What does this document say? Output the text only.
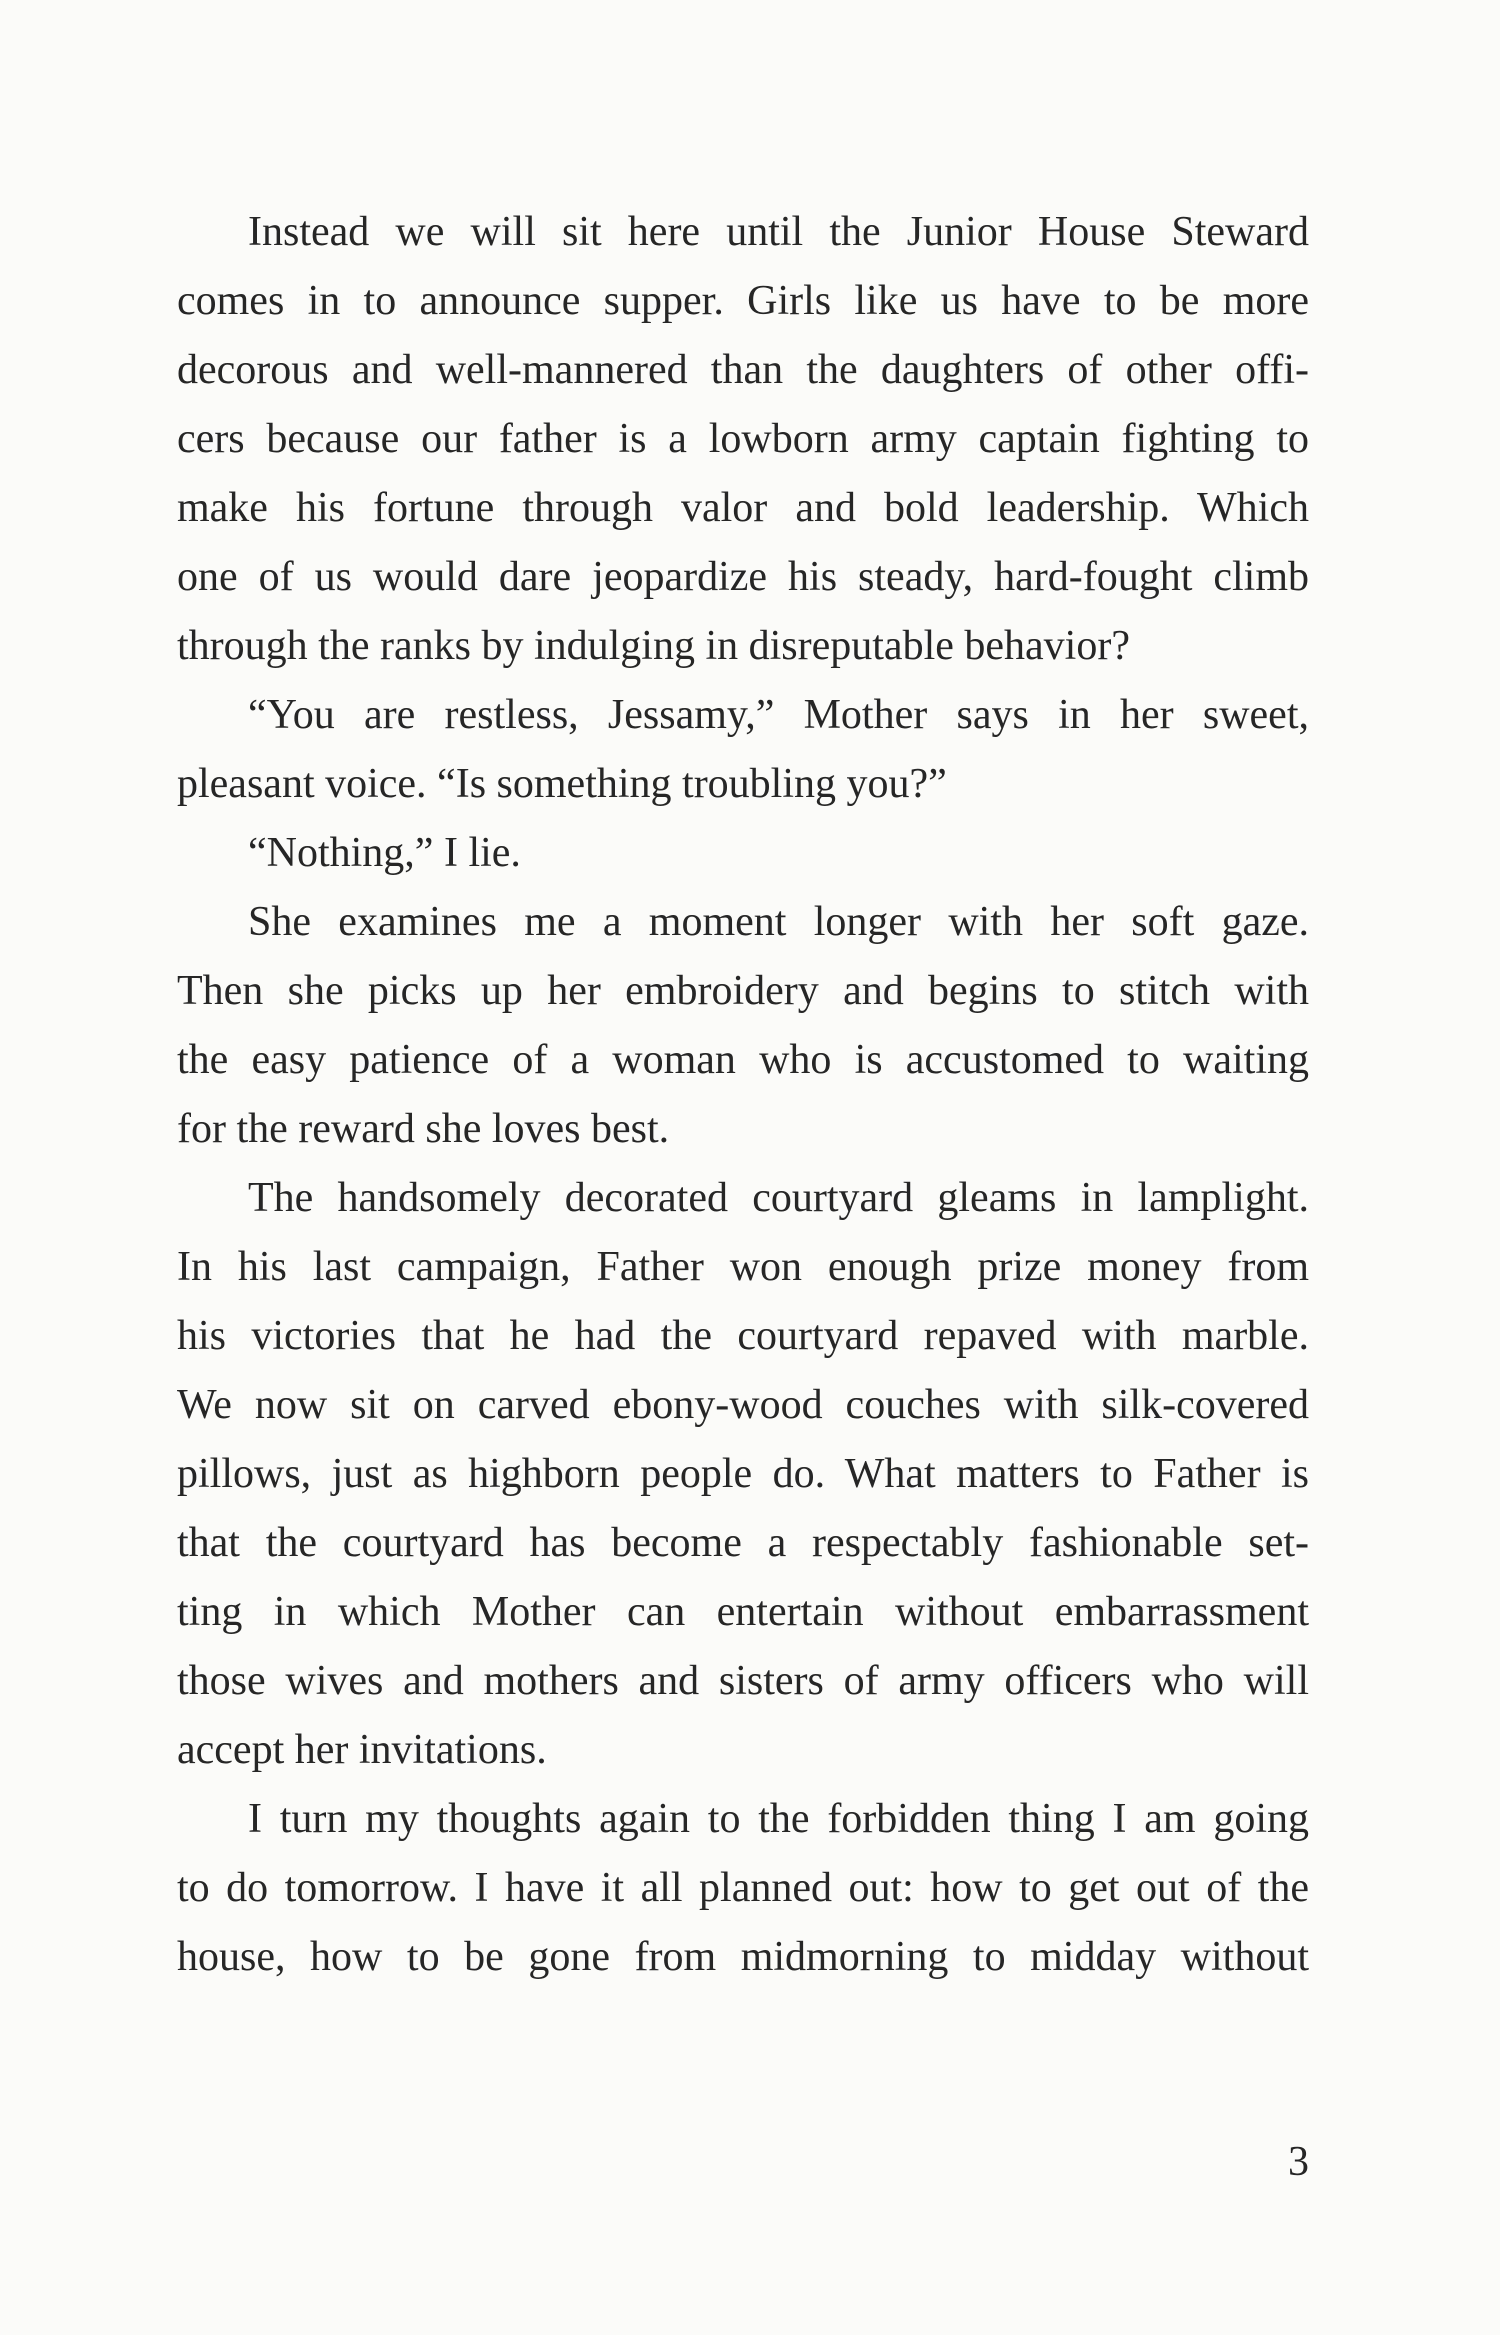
Instead we will sit here until the Junior House Steward
comes in to announce supper. Girls like us have to be more
decorous and well-mannered than the daughters of other offi-
cers because our father is a lowborn army captain fighting to
make his fortune through valor and bold leadership. Which
one of us would dare jeopardize his steady, hard-fought climb
through the ranks by indulging in disreputable behavior?
“You are restless, Jessamy,” Mother says in her sweet,
pleasant voice. “Is something troubling you?”
“Nothing,” I lie.
She examines me a moment longer with her soft gaze.
Then she picks up her embroidery and begins to stitch with
the easy patience of a woman who is accustomed to waiting
for the reward she loves best.
The handsomely decorated courtyard gleams in lamplight.
In his last campaign, Father won enough prize money from
his victories that he had the courtyard repaved with marble.
We now sit on carved ebony-wood couches with silk-covered
pillows, just as highborn people do. What matters to Father is
that the courtyard has become a respectably fashionable set-
ting in which Mother can entertain without embarrassment
those wives and mothers and sisters of army officers who will
accept her invitations.
I turn my thoughts again to the forbidden thing I am going
to do tomorrow. I have it all planned out: how to get out of the
house, how to be gone from midmorning to midday without
3
